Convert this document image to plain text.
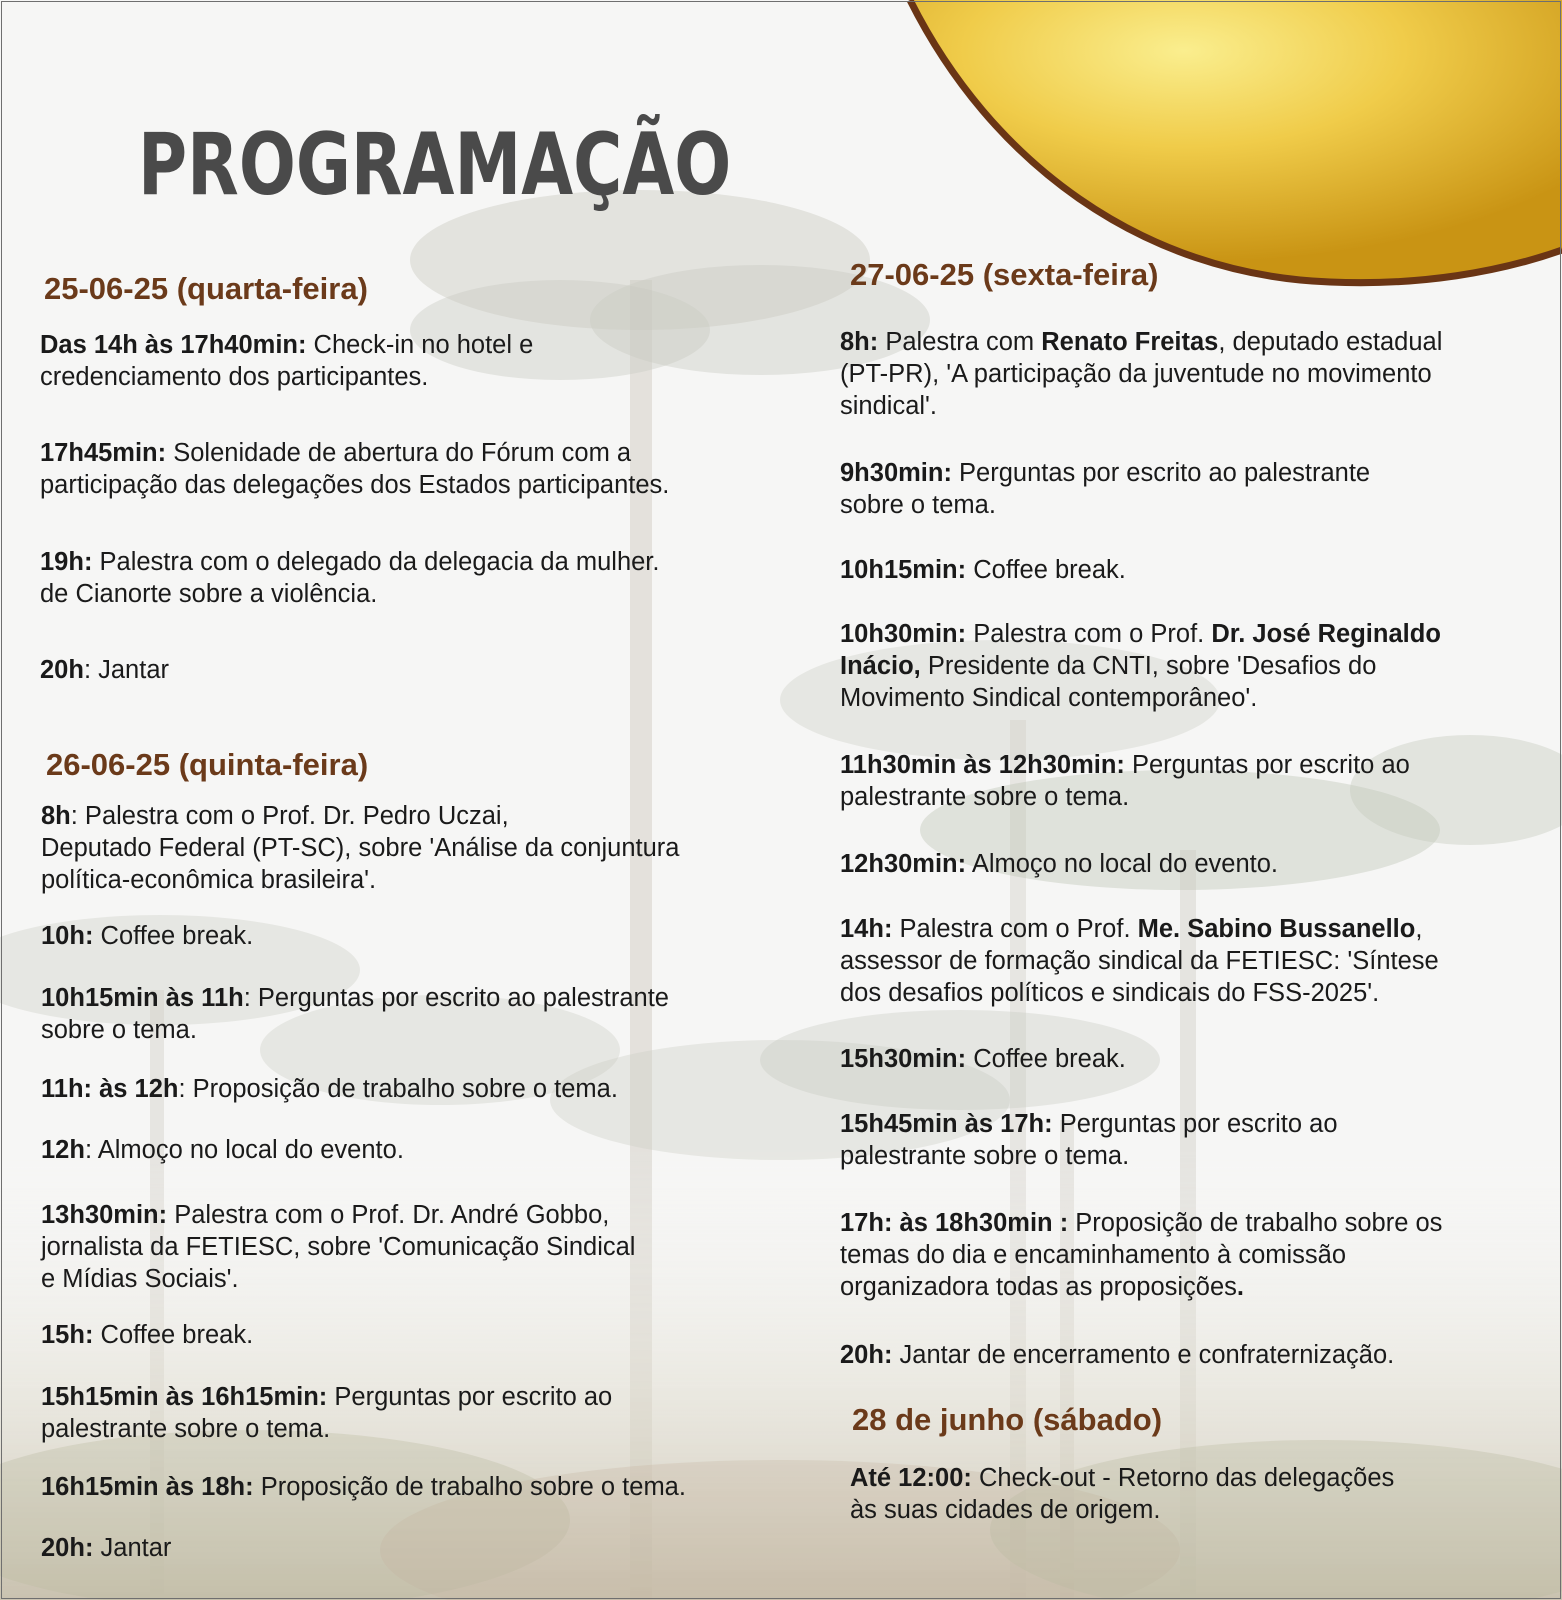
PROGRAMAÇÃO
25-06-25 (quarta-feira)

Das 14h às 17h40min: Check-in no hotel e
credenciamento dos participantes.

17h45min: Solenidade de abertura do Fórum com a
participação das delegações dos Estados participantes.

19h: Palestra com o delegado da delegacia da mulher.
de Cianorte sobre a violência.

20h: Jantar

26-06-25 (quinta-feira)

8h: Palestra com o Prof. Dr. Pedro Uczai,
Deputado Federal (PT-SC), sobre 'Análise da conjuntura
política-econômica brasileira'.

10h: Coffee break.

10h15min às 11h: Perguntas por escrito ao palestrante
sobre o tema.

11h: às 12h: Proposição de trabalho sobre o tema.

12h: Almoço no local do evento.

13h30min: Palestra com o Prof. Dr. André Gobbo,
jornalista da FETIESC, sobre 'Comunicação Sindical
e Mídias Sociais'.

15h: Coffee break.

15h15min às 16h15min: Perguntas por escrito ao
palestrante sobre o tema.

16h15min às 18h: Proposição de trabalho sobre o tema.

20h: Jantar

27-06-25 (sexta-feira)

8h: Palestra com Renato Freitas, deputado estadual
(PT-PR), 'A participação da juventude no movimento
sindical'.

9h30min: Perguntas por escrito ao palestrante
sobre o tema.

10h15min: Coffee break.

10h30min: Palestra com o Prof. Dr. José Reginaldo
Inácio, Presidente da CNTI, sobre 'Desafios do
Movimento Sindical contemporâneo'.

11h30min às 12h30min: Perguntas por escrito ao
palestrante sobre o tema.

12h30min: Almoço no local do evento.

14h: Palestra com o Prof. Me. Sabino Bussanello,
assessor de formação sindical da FETIESC: 'Síntese
dos desafios políticos e sindicais do FSS-2025'.

15h30min: Coffee break.

15h45min às 17h: Perguntas por escrito ao
palestrante sobre o tema.

17h: às 18h30min : Proposição de trabalho sobre os
temas do dia e encaminhamento à comissão
organizadora todas as proposições.

20h: Jantar de encerramento e confraternização.

28 de junho (sábado)

Até 12:00: Check-out - Retorno das delegações
às suas cidades de origem.
